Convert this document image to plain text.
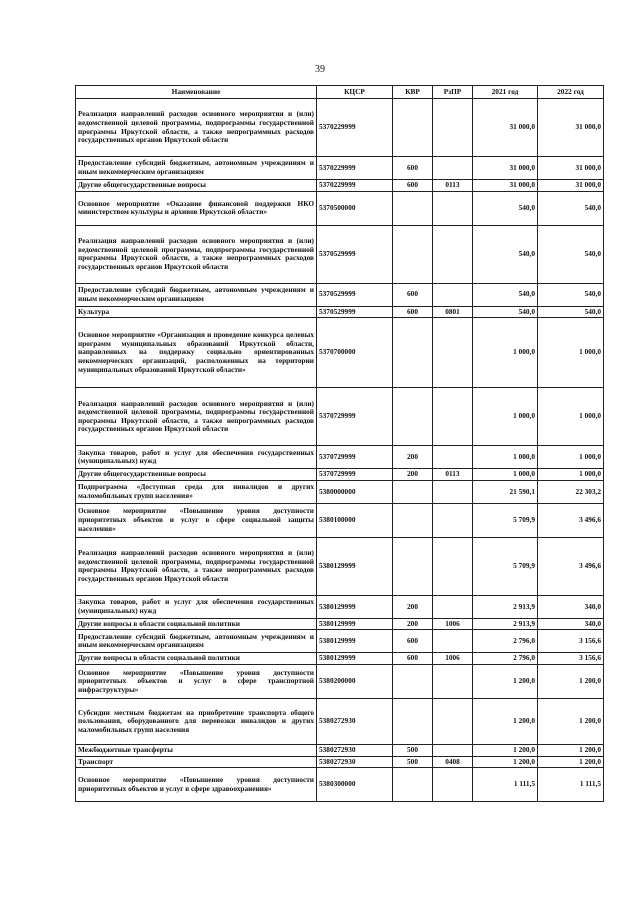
39
Наименование	КЦСР	КВР	РзПР	2021 год	2022 год
Реализация направлений расходов основного мероприятия и (или) ведомственной целевой программы, подпрограммы государственной программы Иркутской области, а также непрограммных расходов государственных органов Иркутской области	5370229999			31 000,0	31 000,0
Предоставление субсидий бюджетным, автономным учреждениям и иным некоммерческим организациям	5370229999	600		31 000,0	31 000,0
Другие общегосударственные вопросы	5370229999	600	0113	31 000,0	31 000,0
Основное мероприятие «Оказание финансовой поддержки НКО министерством культуры и архивов Иркутской области»	5370500000			540,0	540,0
Реализация направлений расходов основного мероприятия и (или) ведомственной целевой программы, подпрограммы государственной программы Иркутской области, а также непрограммных расходов государственных органов Иркутской области	5370529999			540,0	540,0
Предоставление субсидий бюджетным, автономным учреждениям и иным некоммерческим организациям	5370529999	600		540,0	540,0
Культура	5370529999	600	0801	540,0	540,0
Основное мероприятие «Организация и проведение конкурса целевых программ муниципальных образований Иркутской области, направленных на поддержку социально ориентированных некоммерческих организаций, расположенных на территории муниципальных образований Иркутской области»	5370700000			1 000,0	1 000,0
Реализация направлений расходов основного мероприятия и (или) ведомственной целевой программы, подпрограммы государственной программы Иркутской области, а также непрограммных расходов государственных органов Иркутской области	5370729999			1 000,0	1 000,0
Закупка товаров, работ и услуг для обеспечения государственных (муниципальных) нужд	5370729999	200		1 000,0	1 000,0
Другие общегосударственные вопросы	5370729999	200	0113	1 000,0	1 000,0
Подпрограмма «Доступная среда для инвалидов и других маломобильных групп населения»	5380000000			21 590,1	22 303,2
Основное мероприятие «Повышение уровня доступности приоритетных объектов и услуг в сфере социальной защиты населения»	5380100000			5 709,9	3 496,6
Реализация направлений расходов основного мероприятия и (или) ведомственной целевой программы, подпрограммы государственной программы Иркутской области, а также непрограммных расходов государственных органов Иркутской области	5380129999			5 709,9	3 496,6
Закупка товаров, работ и услуг для обеспечения государственных (муниципальных) нужд	5380129999	200		2 913,9	340,0
Другие вопросы в области социальной политики	5380129999	200	1006	2 913,9	340,0
Предоставление субсидий бюджетным, автономным учреждениям и иным некоммерческим организациям	5380129999	600		2 796,0	3 156,6
Другие вопросы в области социальной политики	5380129999	600	1006	2 796,0	3 156,6
Основное мероприятие «Повышение уровня доступности приоритетных объектов и услуг в сфере транспортной инфраструктуры»	5380200000			1 200,0	1 200,0
Субсидии местным бюджетам на приобретение транспорта общего пользования, оборудованного для перевозки инвалидов и других маломобильных групп населения	5380272930			1 200,0	1 200,0
Межбюджетные трансферты	5380272930	500		1 200,0	1 200,0
Транспорт	5380272930	500	0408	1 200,0	1 200,0
Основное мероприятие «Повышение уровня доступности приоритетных объектов и услуг в сфере здравоохранения»	5380300000			1 111,5	1 111,5
